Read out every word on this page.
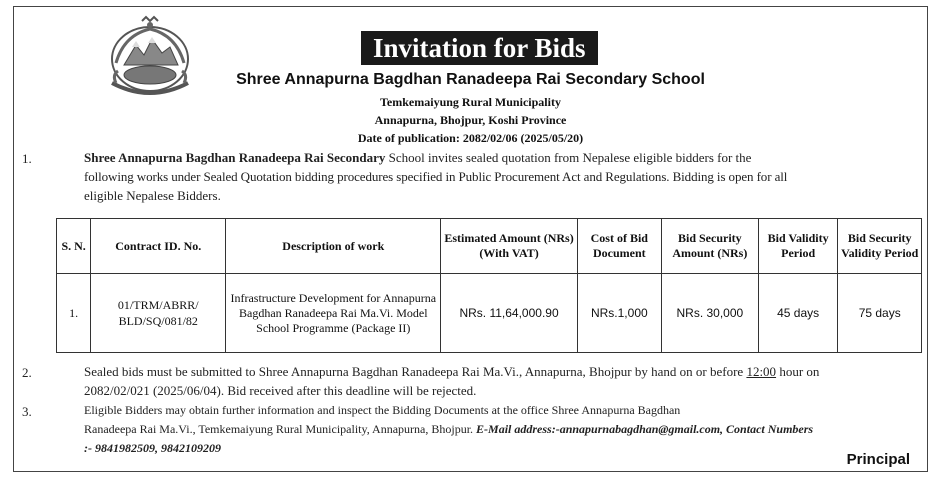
Invitation for Bids
Shree Annapurna Bagdhan Ranadeepa Rai Secondary School
Temkemaiyung Rural Municipality
Annapurna, Bhojpur, Koshi Province
Date of publication: 2082/02/06 (2025/05/20)
1.	Shree Annapurna Bagdhan Ranadeepa Rai Secondary School invites sealed quotation from Nepalese eligible bidders for the
following works under Sealed Quotation bidding procedures specified in Public Procurement Act and Regulations. Bidding is open for all
eligible Nepalese Bidders.
S. N.	Contract ID. No.	Description of work	Estimated Amount (NRs) (With VAT)	Cost of Bid Document	Bid Security Amount (NRs)	Bid Validity Period	Bid Security Validity Period
1.	01/TRM/ABRR/ BLD/SQ/081/82	Infrastructure Development for Annapurna Bagdhan Ranadeepa Rai Ma.Vi. Model School Programme (Package II)	NRs. 11,64,000.90	NRs.1,000	NRs. 30,000	45 days	75 days
2.	Sealed bids must be submitted to Shree Annapurna Bagdhan Ranadeepa Rai Ma.Vi., Annapurna, Bhojpur by hand on or before 12:00 hour on
2082/02/021 (2025/06/04). Bid received after this deadline will be rejected.
3.	Eligible Bidders may obtain further information and inspect the Bidding Documents at the office Shree Annapurna Bagdhan
Ranadeepa Rai Ma.Vi., Temkemaiyung Rural Municipality, Annapurna, Bhojpur. E-Mail address:-annapurnabagdhan@gmail.com, Contact Numbers
:- 9841982509, 9842109209
Principal
